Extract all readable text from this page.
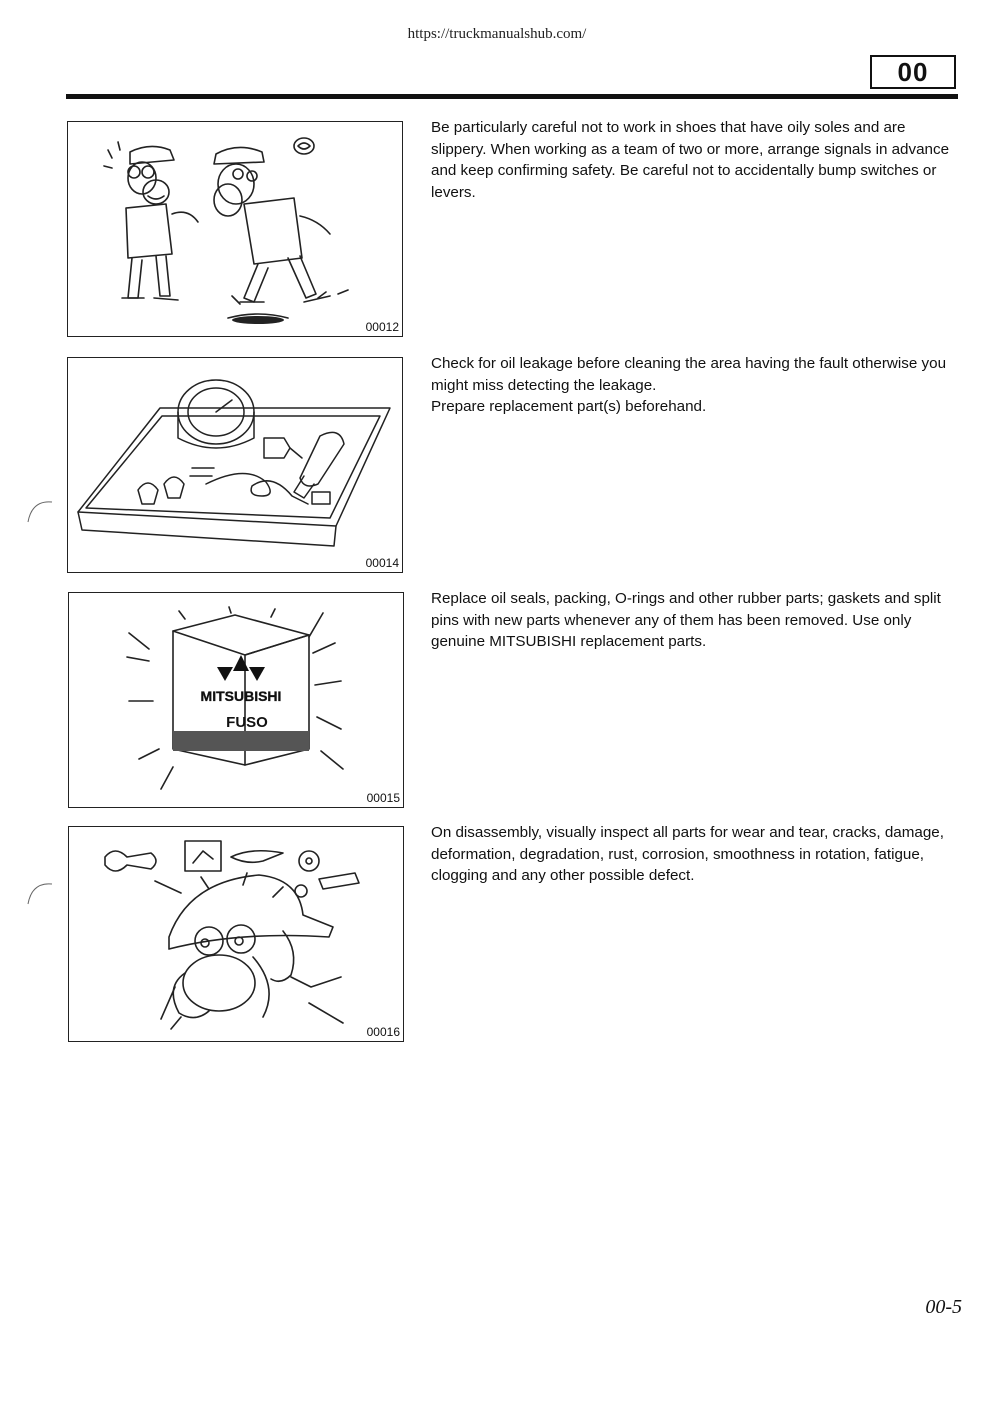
https://truckmanualshub.com/
00
00012
00014
MITSUBISHI
FUSO
00015
00016
Be particularly careful not to work in shoes that have oily soles and are slippery. When working as a team of two or more, arrange signals in advance and keep confirming safety. Be careful not to accidentally bump switches or levers.
Check for oil leakage before cleaning the area having the fault otherwise you might miss detecting the leakage.
Prepare replacement part(s) beforehand.
Replace oil seals, packing, O-rings and other rubber parts; gaskets and split pins with new parts whenever any of them has been removed. Use only genuine MITSUBISHI replacement parts.
On disassembly, visually inspect all parts for wear and tear, cracks, damage, deformation, degradation, rust, corrosion, smoothness in rotation, fatigue, clogging and any other possible defect.
00-5
